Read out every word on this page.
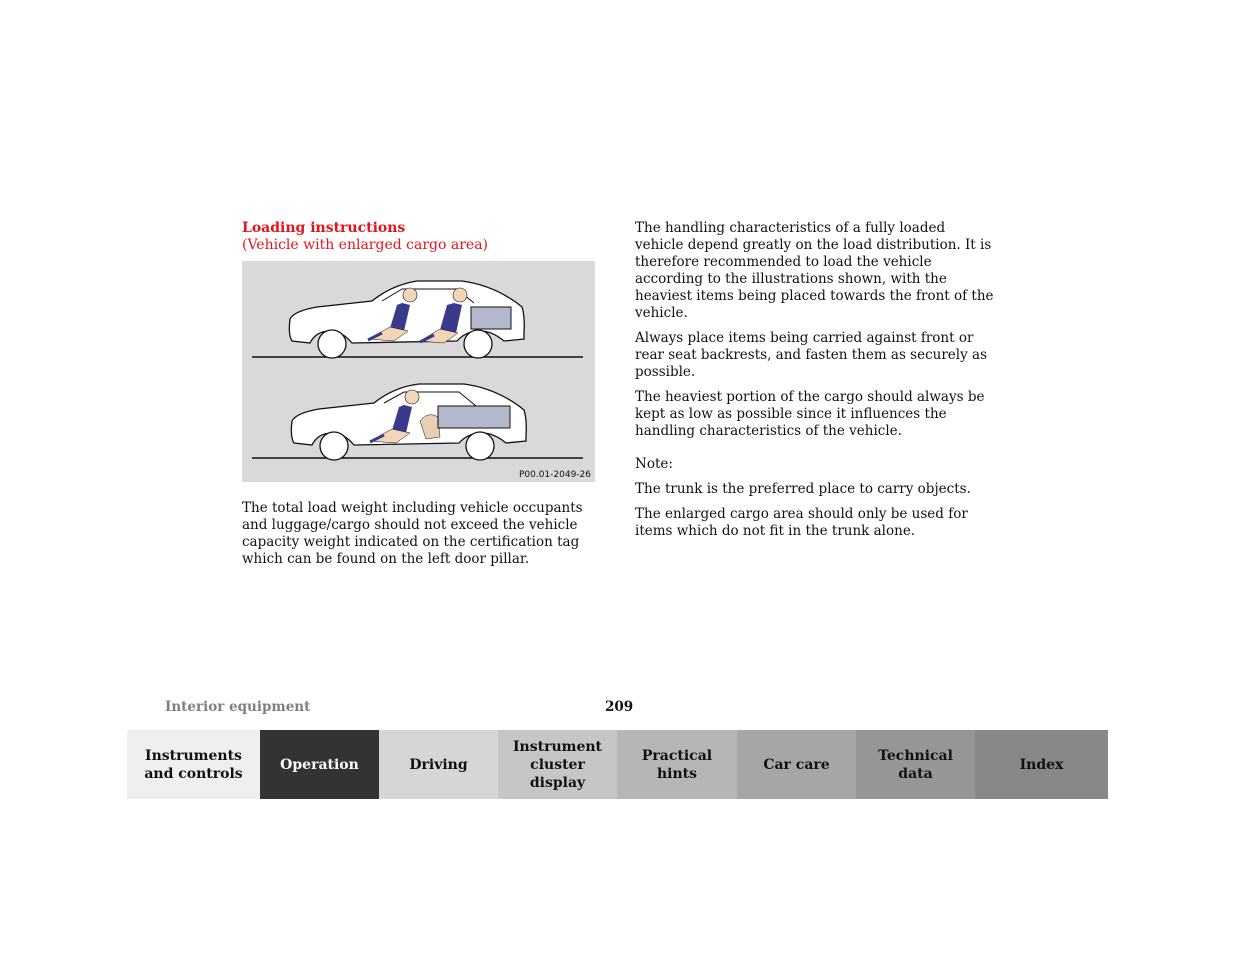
Loading instructions

(Vehicle with enlarged cargo area)

P00.01-2049-26

The total load weight including vehicle occupants and luggage/cargo should not exceed the vehicle capacity weight indicated on the certification tag which can be found on the left door pillar.

The handling characteristics of a fully loaded vehicle depend greatly on the load distribution. It is therefore recommended to load the vehicle according to the illustrations shown, with the heaviest items being placed towards the front of the vehicle.

Always place items being carried against front or rear seat backrests, and fasten them as securely as possible.

The heaviest portion of the cargo should always be kept as low as possible since it influences the handling characteristics of the vehicle.

Note:

The trunk is the preferred place to carry objects.

The enlarged cargo area should only be used for items which do not fit in the trunk alone.

Interior equipment	209
Instruments and controls
Operation	Driving
Instrument cluster display
Practical hints
Car care
Technical data
Index
